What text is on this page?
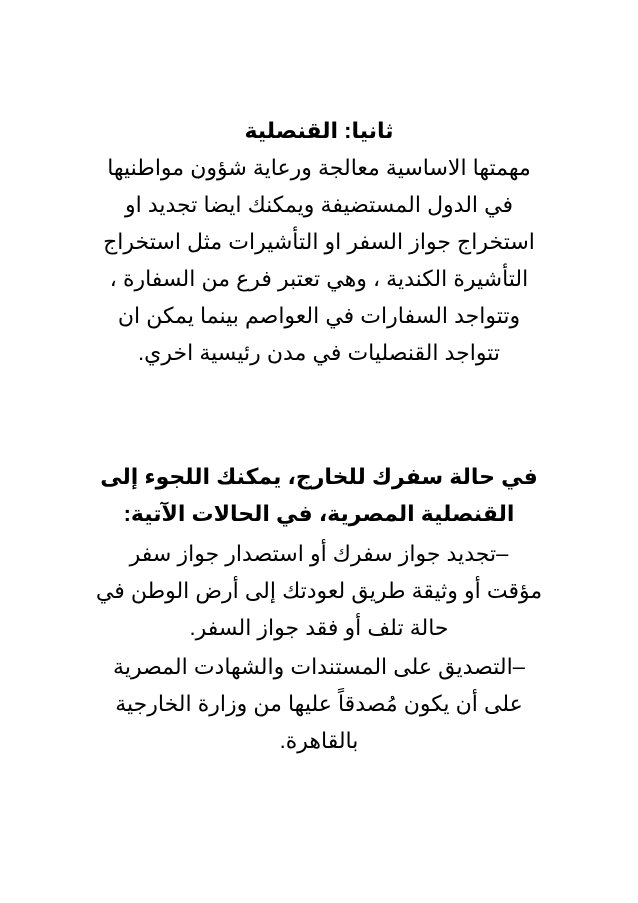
ثانيا: القنصلية
مهمتها الاساسية معالجة ورعاية شؤون مواطنيها
في الدول المستضيفة ويمكنك ايضا تجديد او
استخراج جواز السفر او التأشيرات مثل استخراج
التأشيرة الكندية ، وهي تعتبر فرع من السفارة ،
وتتواجد السفارات في العواصم بينما يمكن ان
تتواجد القنصليات في مدن رئيسية اخري.
في حالة سفرك للخارج، يمكنك اللجوء إلى
القنصلية المصرية، في الحالات الآتية:
–تجديد جواز سفرك أو استصدار جواز سفر
مؤقت أو وثيقة طريق لعودتك إلى أرض الوطن في
حالة تلف أو فقد جواز السفر.
–التصديق على المستندات والشهادت المصرية
على أن يكون مُصدقاً عليها من وزارة الخارجية
بالقاهرة.
